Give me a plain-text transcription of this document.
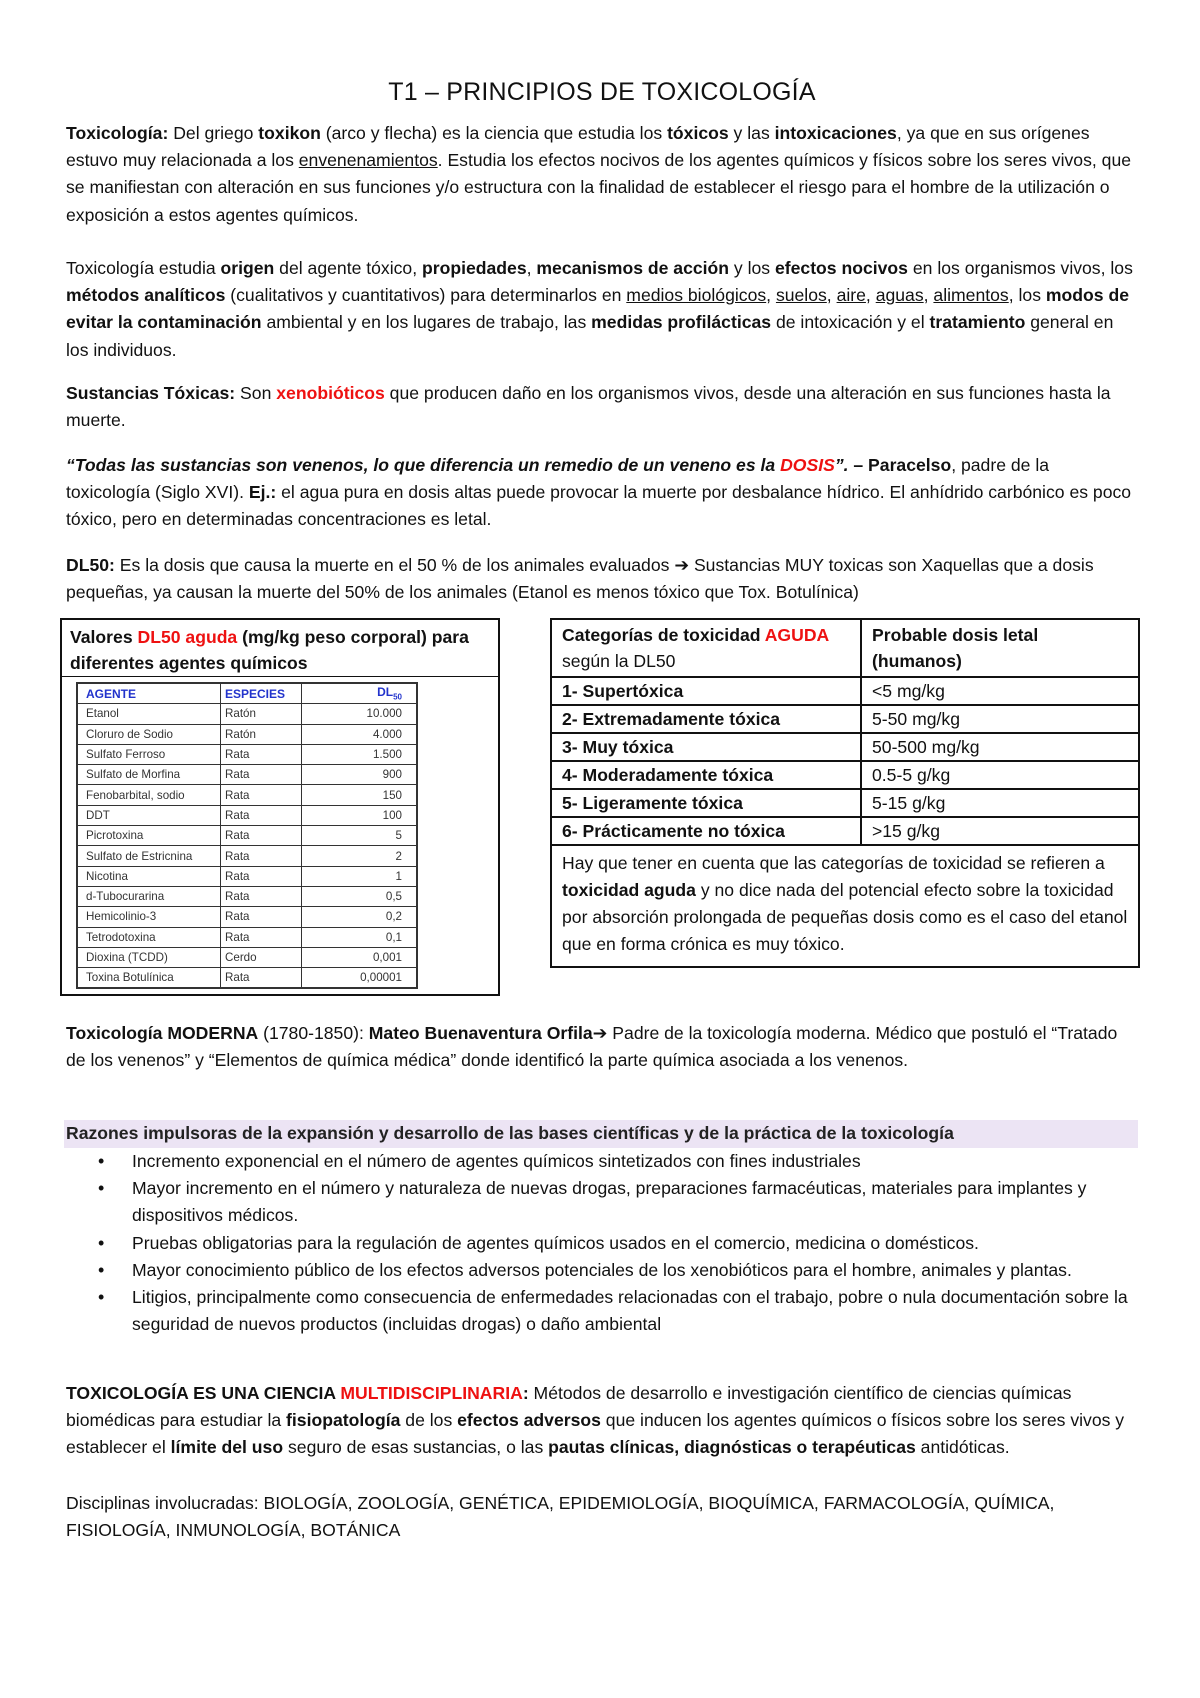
T1 – PRINCIPIOS DE TOXICOLOGÍA

Toxicología: Del griego toxikon (arco y flecha) es la ciencia que estudia los tóxicos y las intoxicaciones, ya que en sus orígenes estuvo muy relacionada a los envenenamientos. Estudia los efectos nocivos de los agentes químicos y físicos sobre los seres vivos, que se manifiestan con alteración en sus funciones y/o estructura con la finalidad de establecer el riesgo para el hombre de la utilización o exposición a estos agentes químicos.

Toxicología estudia origen del agente tóxico, propiedades, mecanismos de acción y los efectos nocivos en los organismos vivos, los métodos analíticos (cualitativos y cuantitativos) para determinarlos en medios biológicos, suelos, aire, aguas, alimentos, los modos de evitar la contaminación ambiental y en los lugares de trabajo, las medidas profilácticas de intoxicación y el tratamiento general en los individuos.

Sustancias Tóxicas: Son xenobióticos que producen daño en los organismos vivos, desde una alteración en sus funciones hasta la muerte.

“Todas las sustancias son venenos, lo que diferencia un remedio de un veneno es la DOSIS”. – Paracelso, padre de la toxicología (Siglo XVI). Ej.: el agua pura en dosis altas puede provocar la muerte por desbalance hídrico. El anhídrido carbónico es poco tóxico, pero en determinadas concentraciones es letal.

DL50: Es la dosis que causa la muerte en el 50 % de los animales evaluados ➔ Sustancias MUY toxicas son Xaquellas que a dosis pequeñas, ya causan la muerte del 50% de los animales (Etanol es menos tóxico que Tox. Botulínica)

Valores DL50 aguda (mg/kg peso corporal) para diferentes agentes químicos
AGENTE	ESPECIES	$DL_{50}$
Etanol	Ratón	10.000
Cloruro de Sodio	Ratón	4.000
Sulfato Ferroso	Rata	1.500
Sulfato de Morfina	Rata	900
Fenobarbital, sodio	Rata	150
DDT	Rata	100
Picrotoxina	Rata	5
Sulfato de Estricnina	Rata	2
Nicotina	Rata	1
d-Tubocurarina	Rata	0,5
Hemicolinio-3	Rata	0,2
Tetrodotoxina	Rata	0,1
Dioxina (TCDD)	Cerdo	0,001
Toxina Botulínica	Rata	0,00001
Categorías de toxicidad AGUDA según la DL50	Probable dosis letal (humanos)
1- Supertóxica	<5 mg/kg
2- Extremadamente tóxica	5-50 mg/kg
3- Muy tóxica	50-500 mg/kg
4- Moderadamente tóxica	0.5-5 g/kg
5- Ligeramente tóxica	5-15 g/kg
6- Prácticamente no tóxica	>15 g/kg
Hay que tener en cuenta que las categorías de toxicidad se refieren a toxicidad aguda y no dice nada del potencial efecto sobre la toxicidad por absorción prolongada de pequeñas dosis como es el caso del etanol que en forma crónica es muy tóxico.	

Toxicología MODERNA (1780-1850): Mateo Buenaventura Orfila➔ Padre de la toxicología moderna. Médico que postuló el “Tratado de los venenos” y “Elementos de química médica” donde identificó la parte química asociada a los venenos.

Razones impulsoras de la expansión y desarrollo de las bases científicas y de la práctica de la toxicología

• Incremento exponencial en el número de agentes químicos sintetizados con fines industriales
• Mayor incremento en el número y naturaleza de nuevas drogas, preparaciones farmacéuticas, materiales para implantes y dispositivos médicos.
• Pruebas obligatorias para la regulación de agentes químicos usados en el comercio, medicina o domésticos.
• Mayor conocimiento público de los efectos adversos potenciales de los xenobióticos para el hombre, animales y plantas.
• Litigios, principalmente como consecuencia de enfermedades relacionadas con el trabajo, pobre o nula documentación sobre la seguridad de nuevos productos (incluidas drogas) o daño ambiental

TOXICOLOGÍA ES UNA CIENCIA MULTIDISCIPLINARIA: Métodos de desarrollo e investigación científico de ciencias químicas biomédicas para estudiar la fisiopatología de los efectos adversos que inducen los agentes químicos o físicos sobre los seres vivos y establecer el límite del uso seguro de esas sustancias, o las pautas clínicas, diagnósticas o terapéuticas antidóticas.

Disciplinas involucradas: BIOLOGÍA, ZOOLOGÍA, GENÉTICA, EPIDEMIOLOGÍA, BIOQUÍMICA, FARMACOLOGÍA, QUÍMICA, FISIOLOGÍA, INMUNOLOGÍA, BOTÁNICA
